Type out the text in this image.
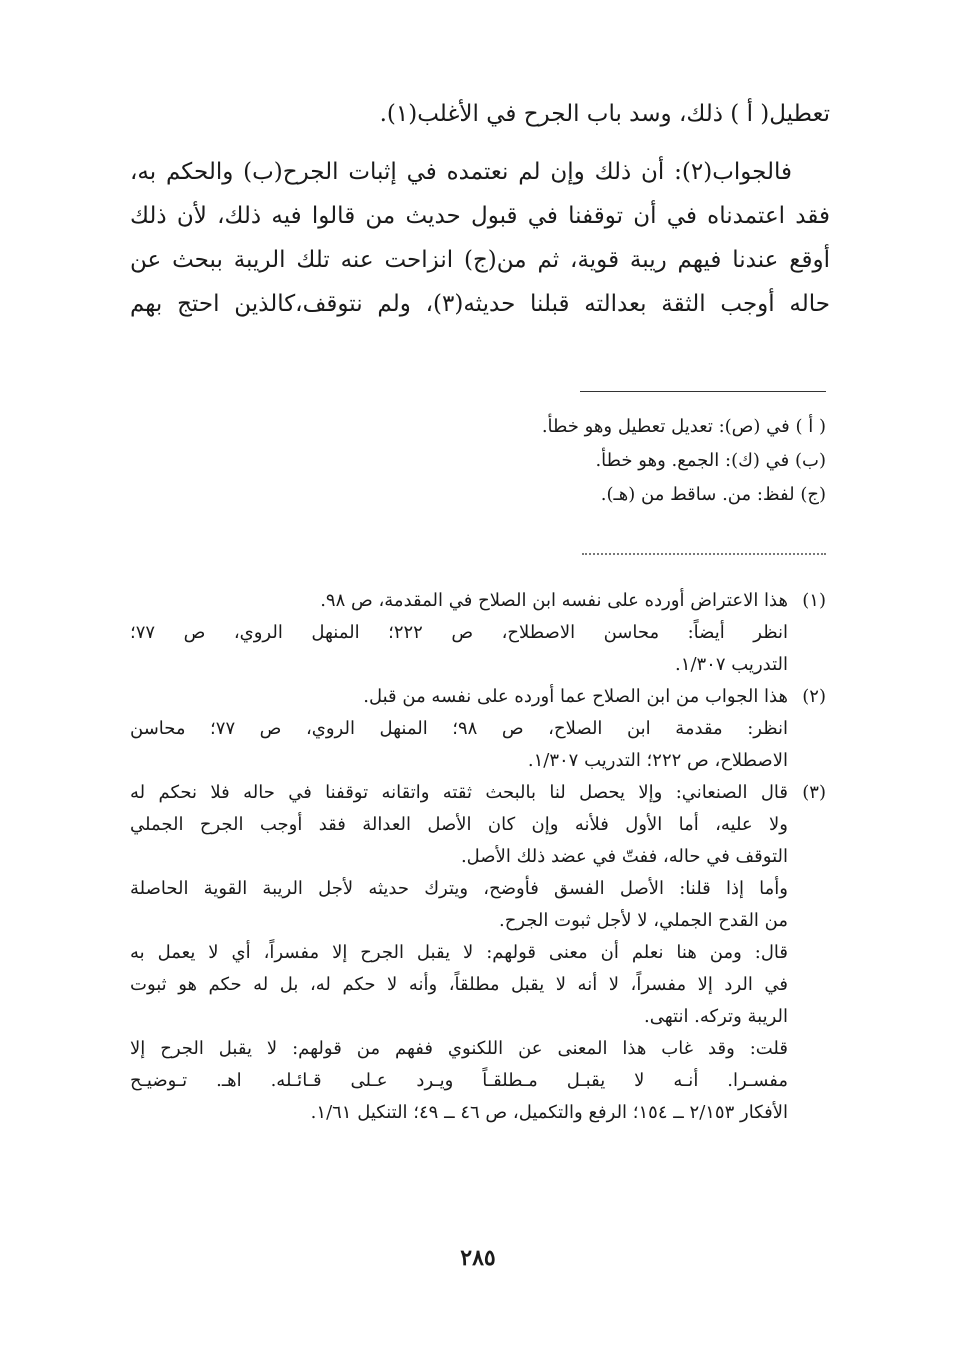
تعطيل( أ ) ذلك، وسد باب الجرح في الأغلب(١).
فالجواب(٢): أن ذلك وإن لم نعتمده في إثبات الجرح(ب) والحكم به،
فقد اعتمدناه في أن توقفنا في قبول حديث من قالوا فيه ذلك، لأن ذلك
أوقع عندنا فيهم ريبة قوية، ثم من(ج) انزاحت عنه تلك الريبة ببحث عن
حاله أوجب الثقة بعدالته قبلنا حديثه(٣)، ولم نتوقف،كالذين احتج بهم
( أ ) في (ص): تعديل تعطيل وهو خطأ.
(ب) في (ك): الجمع. وهو خطأ.
(ج) لفظ: من. ساقط من (هـ).
(١)
هذا الاعتراض أورده على نفسه ابن الصلاح في المقدمة، ص ٩٨.
انظر أيضاً: محاسن الاصطلاح، ص ٢٢٢؛ المنهل الروي، ص ٧٧؛
التدريب ١/٣٠٧.
(٢)
هذا الجواب من ابن الصلاح عما أورده على نفسه من قبل.
انظر: مقدمة ابن الصلاح، ص ٩٨؛ المنهل الروي، ص ٧٧؛ محاسن
الاصطلاح، ص ٢٢٢؛ التدريب ١/٣٠٧.
(٣)
قال الصنعاني: وإلا يحصل لنا بالبحث ثقته واتقانه توقفنا في حاله فلا نحكم له
ولا عليه، أما الأول فلأنه وإن كان الأصل العدالة فقد أوجب الجرح الجملي
التوقف في حاله، ففتّ في عضد ذلك الأصل.
وأما إذا قلنا: الأصل الفسق فأوضح، ويترك حديثه لأجل الريبة القوية الحاصلة
من القدح الجملي، لا لأجل ثبوت الجرح.
قال: ومن هنا نعلم أن معنى قولهم: لا يقبل الجرح إلا مفسراً، أي لا يعمل به
في الرد إلا مفسراً، لا أنه لا يقبل مطلقاً، وأنه لا حكم له، بل له حكم هو ثبوت
الريبة وتركه. انتهى.
قلت: وقد غاب هذا المعنى عن اللكنوي ففهم من قولهم: لا يقبل الجرح إلا
مفسـرا. أنـه لا يقبـل مـطلقـاً ويـرد عـلى قـائـله. اهـ. تـوضيـح
الأفكار ٢/١٥٣ ــ ١٥٤؛ الرفع والتكميل، ص ٤٦ ــ ٤٩؛ التنكيل ١/٦١.
٢٨٥
